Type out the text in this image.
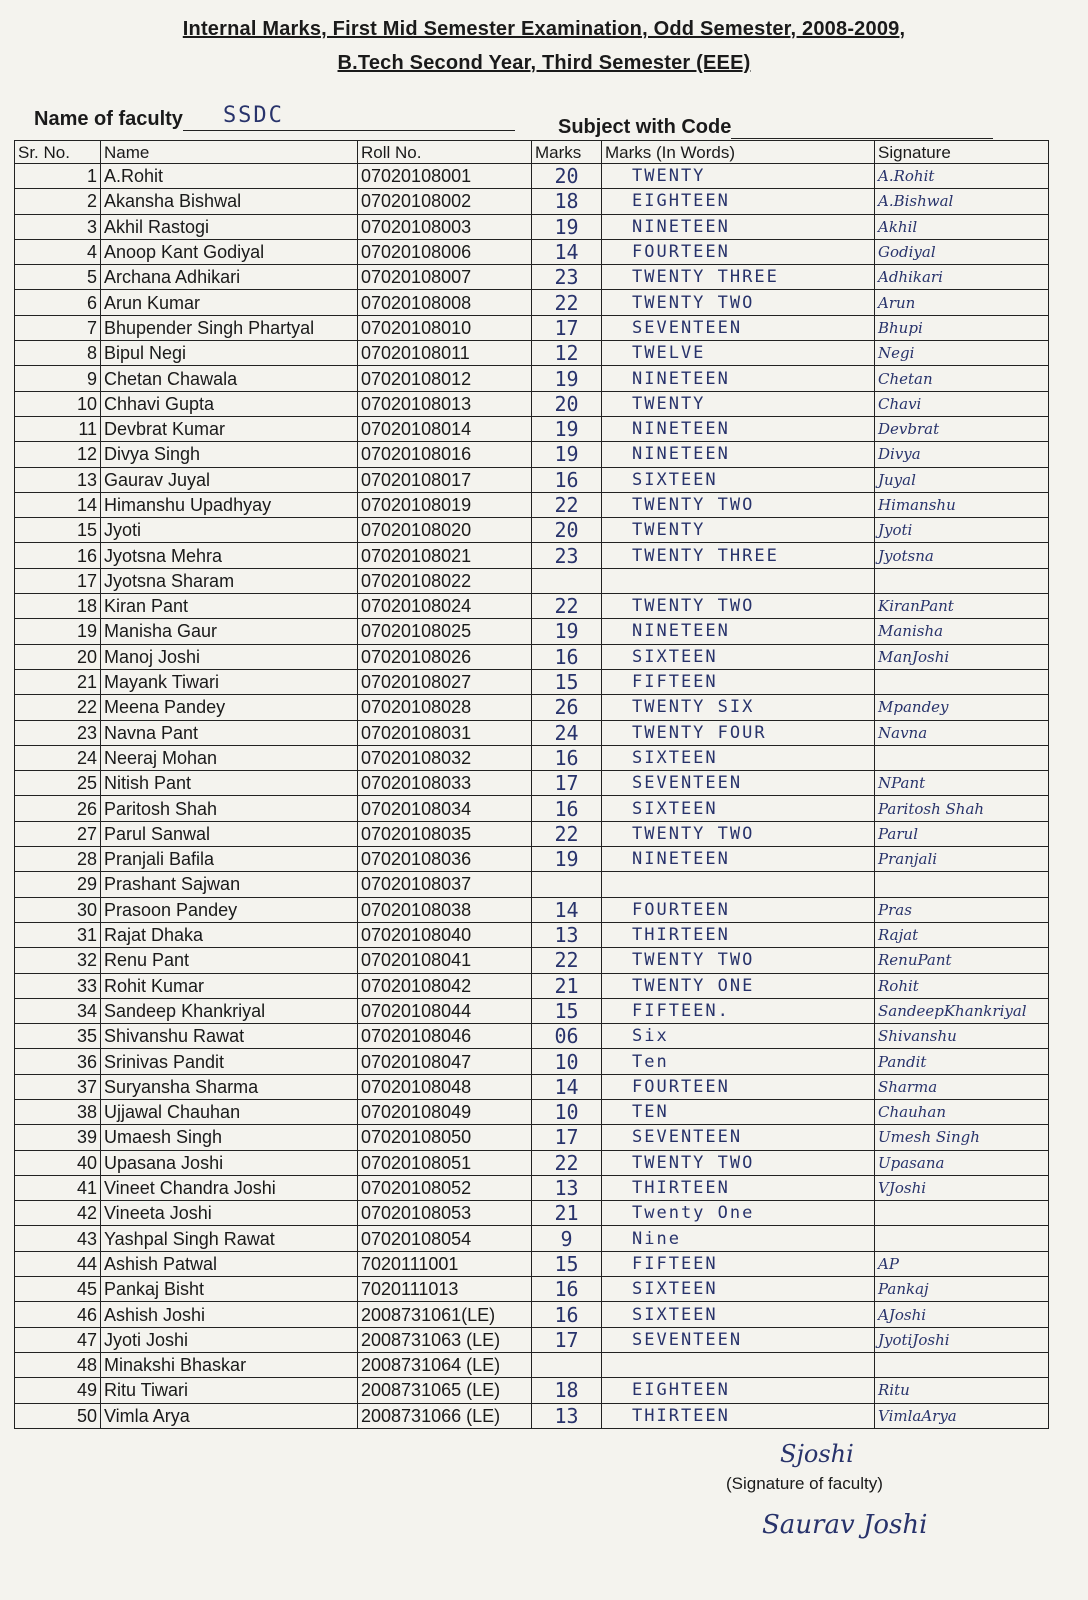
Internal Marks, First Mid Semester Examination, Odd Semester, 2008-2009,
B.Tech Second Year, Third Semester (EEE)
Name of faculty SSDC	Subject with Code
Sr. No.	Name	Roll No.	Marks	Marks (In Words)	Signature
1	A.Rohit	07020108001	20	TWENTY	A.Rohit
2	Akansha Bishwal	07020108002	18	EIGHTEEN	A.Bishwal
3	Akhil Rastogi	07020108003	19	NINETEEN	Akhil
4	Anoop Kant Godiyal	07020108006	14	FOURTEEN	Godiyal
5	Archana Adhikari	07020108007	23	TWENTY THREE	Adhikari
6	Arun Kumar	07020108008	22	TWENTY TWO	Arun
7	Bhupender Singh Phartyal	07020108010	17	SEVENTEEN	Bhupi
8	Bipul Negi	07020108011	12	TWELVE	Negi
9	Chetan Chawala	07020108012	19	NINETEEN	Chetan
10	Chhavi Gupta	07020108013	20	TWENTY	Chavi
11	Devbrat Kumar	07020108014	19	NINETEEN	Devbrat
12	Divya Singh	07020108016	19	NINETEEN	Divya
13	Gaurav Juyal	07020108017	16	SIXTEEN	Juyal
14	Himanshu Upadhyay	07020108019	22	TWENTY TWO	Himanshu
15	Jyoti	07020108020	20	TWENTY	Jyoti
16	Jyotsna Mehra	07020108021	23	TWENTY THREE	Jyotsna
17	Jyotsna Sharam	07020108022			
18	Kiran Pant	07020108024	22	TWENTY TWO	KiranPant
19	Manisha Gaur	07020108025	19	NINETEEN	Manisha
20	Manoj Joshi	07020108026	16	SIXTEEN	ManJoshi
21	Mayank Tiwari	07020108027	15	FIFTEEN	
22	Meena Pandey	07020108028	26	TWENTY SIX	Mpandey
23	Navna Pant	07020108031	24	TWENTY FOUR	Navna
24	Neeraj Mohan	07020108032	16	SIXTEEN	
25	Nitish Pant	07020108033	17	SEVENTEEN	NPant
26	Paritosh Shah	07020108034	16	SIXTEEN	Paritosh Shah
27	Parul Sanwal	07020108035	22	TWENTY TWO	Parul
28	Pranjali Bafila	07020108036	19	NINETEEN	Pranjali
29	Prashant Sajwan	07020108037			
30	Prasoon Pandey	07020108038	14	FOURTEEN	Pras
31	Rajat Dhaka	07020108040	13	THIRTEEN	Rajat
32	Renu Pant	07020108041	22	TWENTY TWO	RenuPant
33	Rohit Kumar	07020108042	21	TWENTY ONE	Rohit
34	Sandeep Khankriyal	07020108044	15	FIFTEEN.	SandeepKhankriyal
35	Shivanshu Rawat	07020108046	06	Six	Shivanshu
36	Srinivas Pandit	07020108047	10	Ten	Pandit
37	Suryansha Sharma	07020108048	14	FOURTEEN	Sharma
38	Ujjawal Chauhan	07020108049	10	TEN	Chauhan
39	Umaesh Singh	07020108050	17	SEVENTEEN	Umesh Singh
40	Upasana Joshi	07020108051	22	TWENTY TWO	Upasana
41	Vineet Chandra Joshi	07020108052	13	THIRTEEN	VJoshi
42	Vineeta Joshi	07020108053	21	Twenty One	
43	Yashpal Singh Rawat	07020108054	9	Nine	
44	Ashish Patwal	7020111001	15	FIFTEEN	AP
45	Pankaj Bisht	7020111013	16	SIXTEEN	Pankaj
46	Ashish Joshi	2008731061(LE)	16	SIXTEEN	AJoshi
47	Jyoti Joshi	2008731063 (LE)	17	SEVENTEEN	JyotiJoshi
48	Minakshi Bhaskar	2008731064 (LE)			
49	Ritu Tiwari	2008731065 (LE)	18	EIGHTEEN	Ritu
50	Vimla Arya	2008731066 (LE)	13	THIRTEEN	VimlaArya
Sjoshi
(Signature of faculty)
Saurav Joshi
